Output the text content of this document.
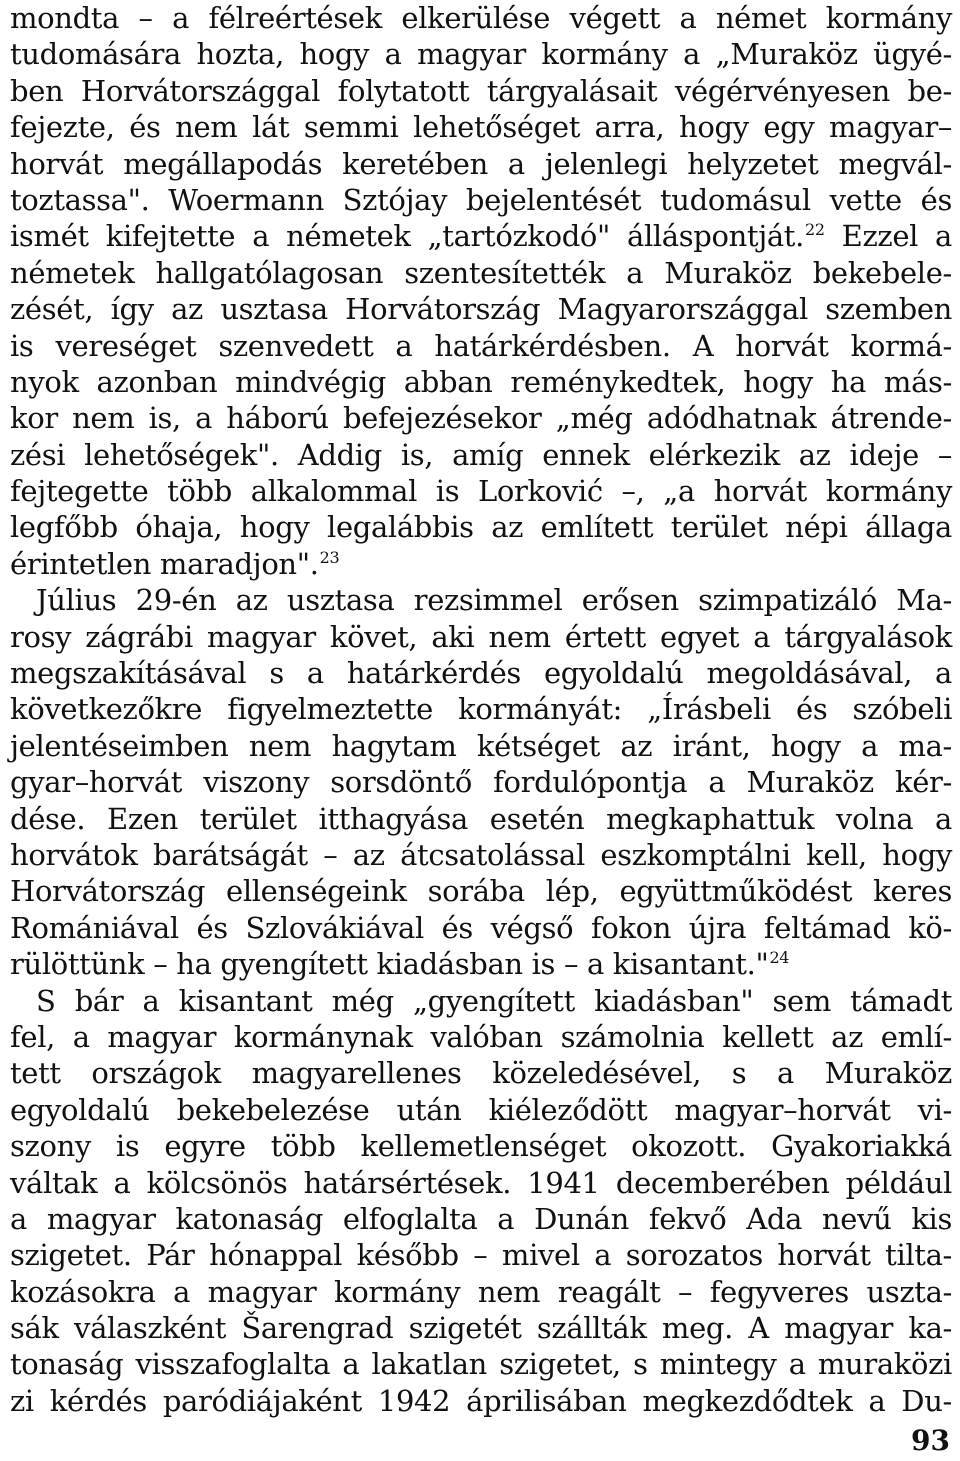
mondta – a félreértések elkerülése végett a német kormány
tudomására hozta, hogy a magyar kormány a „Muraköz ügyé-
ben Horvátországgal folytatott tárgyalásait végérvényesen be-
fejezte, és nem lát semmi lehetőséget arra, hogy egy magyar–
horvát megállapodás keretében a jelenlegi helyzetet megvál-
toztassa". Woermann Sztójay bejelentését tudomásul vette és
ismét kifejtette a németek „tartózkodó" álláspontját.$^{22}$ Ezzel a
németek hallgatólagosan szentesítették a Muraköz bekebele-
zését, így az usztasa Horvátország Magyarországgal szemben
is vereséget szenvedett a határkérdésben. A horvát kormá-
nyok azonban mindvégig abban reménykedtek, hogy ha más-
kor nem is, a háború befejezésekor „még adódhatnak átrende-
zési lehetőségek". Addig is, amíg ennek elérkezik az ideje –
fejtegette több alkalommal is Lorković –, „a horvát kormány
legfőbb óhaja, hogy legalábbis az említett terület népi állaga
érintetlen maradjon".$^{23}$
Július 29-én az usztasa rezsimmel erősen szimpatizáló Ma-
rosy zágrábi magyar követ, aki nem értett egyet a tárgyalások
megszakításával s a határkérdés egyoldalú megoldásával, a
következőkre figyelmeztette kormányát: „Írásbeli és szóbeli
jelentéseimben nem hagytam kétséget az iránt, hogy a ma-
gyar–horvát viszony sorsdöntő fordulópontja a Muraköz kér-
dése. Ezen terület itthagyása esetén megkaphattuk volna a
horvátok barátságát – az átcsatolással eszkomptálni kell, hogy
Horvátország ellenségeink sorába lép, együttműködést keres
Romániával és Szlovákiával és végső fokon újra feltámad kö-
rülöttünk – ha gyengített kiadásban is – a kisantant."$^{24}$
S bár a kisantant még „gyengített kiadásban" sem támadt
fel, a magyar kormánynak valóban számolnia kellett az emlí-
tett országok magyarellenes közeledésével, s a Muraköz
egyoldalú bekebelezése után kiéleződött magyar–horvát vi-
szony is egyre több kellemetlenséget okozott. Gyakoriakká
váltak a kölcsönös határsértések. 1941 decemberében például
a magyar katonaság elfoglalta a Dunán fekvő Ada nevű kis
szigetet. Pár hónappal később – mivel a sorozatos horvát tilta-
kozásokra a magyar kormány nem reagált – fegyveres uszta-
sák válaszként Šarengrad szigetét szállták meg. A magyar ka-
tonaság visszafoglalta a lakatlan szigetet, s mintegy a muraközi
zi kérdés paródiájaként 1942 áprilisában megkezdődtek a Du-
93
